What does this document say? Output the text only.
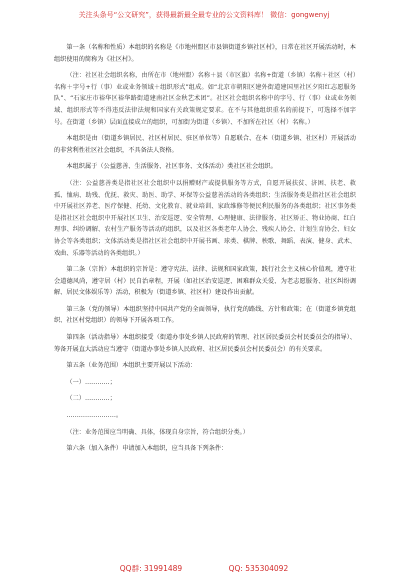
关注头条号“公文研究”，获得最新最全最专业的公文资料库！ 微信：gongwenyj

第一条（名称和性质）本组织的名称是《市地州盟区市县镇街道乡镇社区村》，日常在社区开展活动时，本组织使用的简称为《社区村》。

（注：社区社会组织名称，由所在市（地州盟）名称＋县（市区旗）名称+街道（乡镇）名称＋社区（村）名称＋字号+行（事）业或业务领域＋组织形式”组成。如“北京市朝阳区建外街道建国里社区夕阳红志愿服务队”、“石家庄市裕华区裕华路街道建南社区金秋艺术团”。社区社会组织名称中的字号、行（事）业或业务领域、组织形式等不得违反法律法规和国家有关政策规定要求。在不与其他组织重名的前提下，可选择不加字号。在街道（乡镇）层面直接成立的组织，可加街为街道（乡镇）、不加所在社区（村）名称。）

本组织是由（街道乡镇居民、社区村居民、驻区单位等）自愿联合、在本（街道乡镇、社区村）开展活动的非营利性社区社会组织，不具备法人资格。

本组织属于（公益慈善、生活服务、社区事务、文体活动）类社区社会组织。

（注：公益慈善类是指社区社会组织中以捐赠财产或提供服务等方式，自愿开展扶贫、济困、扶老、救孤、恤病、助残、优抚、救灾、助医、助学、环保等公益慈善活动的各类组织；生活服务类是指社区社会组织中开展社区养老、医疗保健、托幼、文化教育、就业培训、家政维修等便民利民服务的各类组织；社区事务类是指社区社会组织中开展社区卫生、治安巡逻、安全管理、心理健康、法律服务、社区矫正、物业协商、红白理事、纠纷调解、农村生产服务等活动的组织，以及社区各类老年人协会、残疾人协会、计划生育协会、妇女协会等各类组织；文体活动类是指社区社会组织中开展书画、球类、棋牌、秧歌、舞蹈、表演、健身、武术、戏曲、乐器等活动的各类组织。）

第二条（宗旨）本组织的宗旨是：遵守宪法、法律、法规和国家政策，践行社会主义核心价值观，遵守社会道德风尚，遵守居（村）民自治章程，开展（如社区治安巡逻、困难群众关爱、为老志愿服务、社区纠纷调解、居民文体娱乐等）活动，积极为（街道乡镇、社区村）建设作出贡献。

第三条（党的领导）本组织坚持中国共产党的全面领导，执行党的路线、方针和政策；在（街道乡镇党组织、社区村党组织）的领导下开展各项工作。

第四条（活动指导）本组织接受（街道办事处乡镇人民政府的管理、社区居民委员会村民委员会的指导）、筹备开展直大活动应当遵守（街道办事处乡镇人民政府、社区居民委员会村民委员会）的有关要求。

第五条（业务范围）本组织主要开展以下活动：

（一）…………；

（二）…………；

……………………。

（注：业务范围应当明确、具体，体现自身宗旨，符合组织分类。）

第六条（加入条件）申请加入本组织，应当具备下列条件：

QQ群: 31991489	QQ: 535304092
